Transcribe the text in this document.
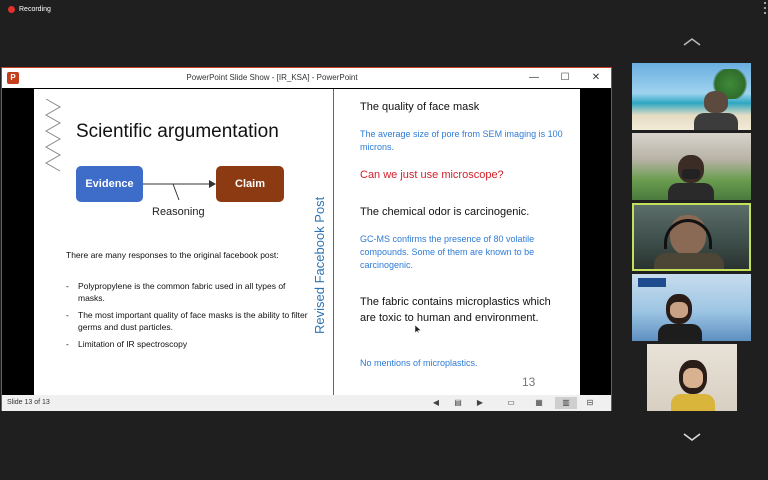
Recording
P	PowerPoint Slide Show - [IR_KSA] - PowerPoint	— ☐ ✕
Scientific argumentation
Evidence	Claim
Reasoning
There are many responses to the original facebook post:
- Polypropylene is the common fabric used in all types of masks.
- The most important quality of face masks is the ability to filter germs and dust particles.
- Limitation of IR spectroscopy
Revised Facebook Post
The quality of face mask
The average size of pore from SEM imaging is 100 microns.
Can we just use microscope?
The chemical odor is carcinogenic.
GC-MS confirms the presence of 80 volatile compounds. Some of them are known to be carcinogenic.
The fabric contains microplastics which are toxic to human and environment.
No mentions of microplastics.
13
Slide 13 of 13	◀	▤	▶	▭	▦	▥	⊟
